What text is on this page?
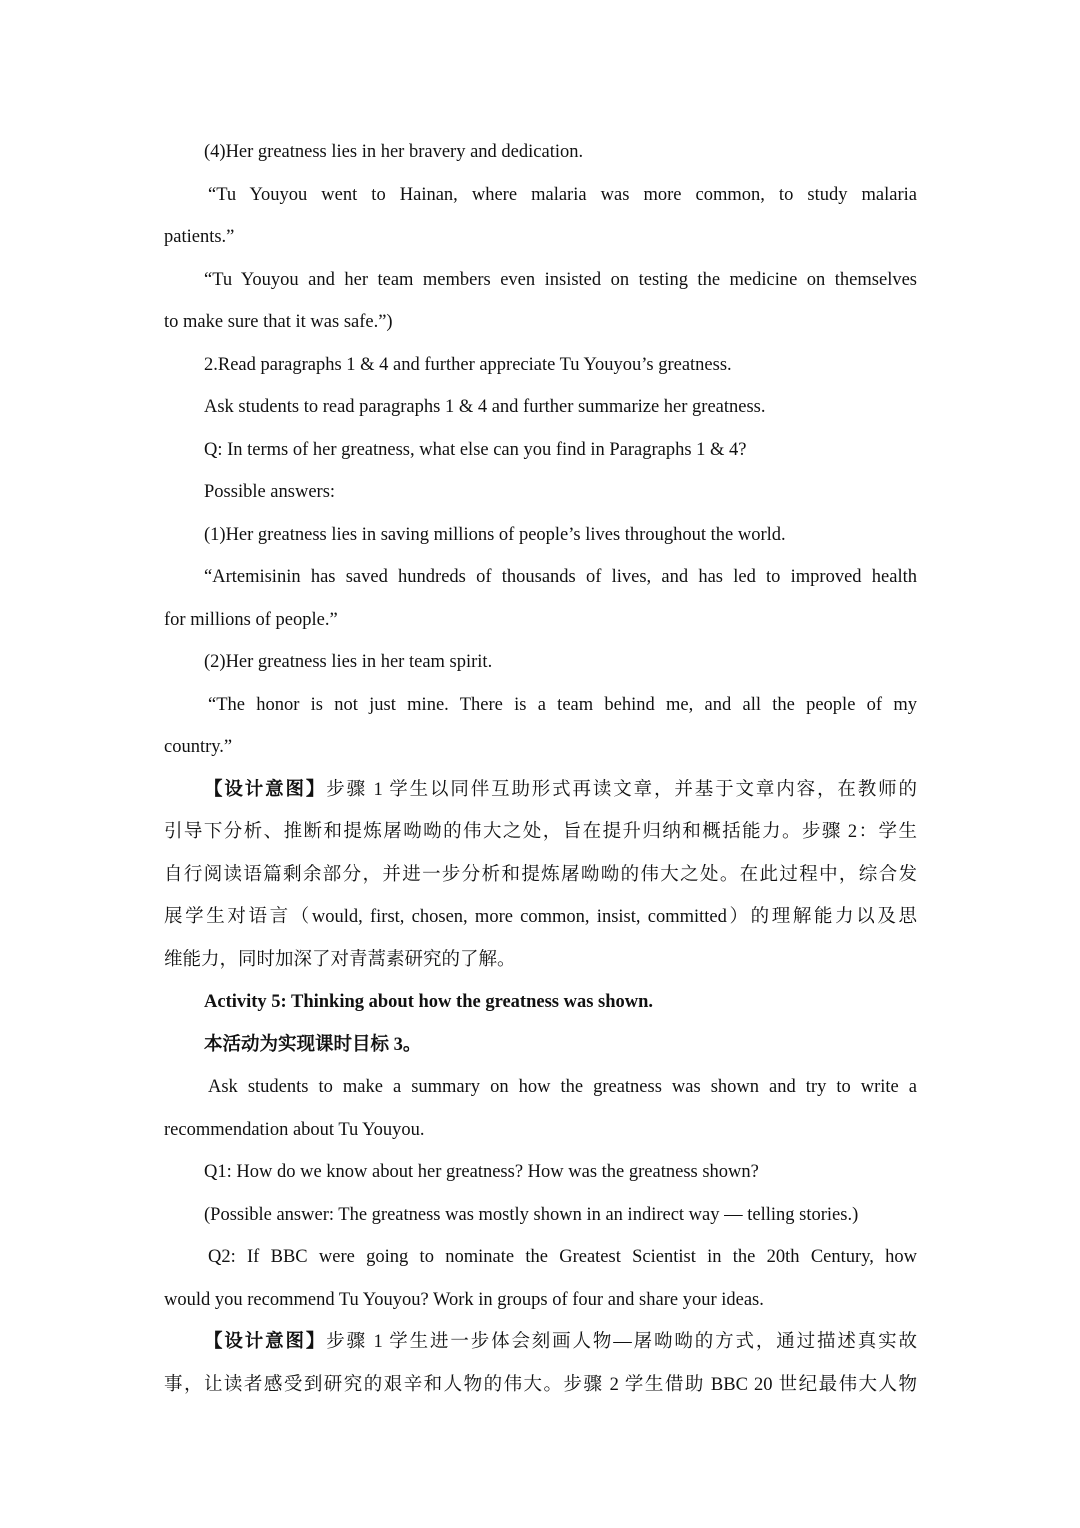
(4)Her greatness lies in her bravery and dedication.
“Tu Youyou went to Hainan, where malaria was more common, to study malaria
patients.”
“Tu Youyou and her team members even insisted on testing the medicine on themselves
to make sure that it was safe.”)
2.Read paragraphs 1 & 4 and further appreciate Tu Youyou’s greatness.
Ask students to read paragraphs 1 & 4 and further summarize her greatness.
Q: In terms of her greatness, what else can you find in Paragraphs 1 & 4?
Possible answers:
(1)Her greatness lies in saving millions of people’s lives throughout the world.
“Artemisinin has saved hundreds of thousands of lives, and has led to improved health
for millions of people.”
(2)Her greatness lies in her team spirit.
“The honor is not just mine. There is a team behind me, and all the people of my
country.”
【设计意图】步骤 1 学生以同伴互助形式再读文章，并基于文章内容，在教师的
引导下分析、推断和提炼屠呦呦的伟大之处，旨在提升归纳和概括能力。步骤 2：学生
自行阅读语篇剩余部分，并进一步分析和提炼屠呦呦的伟大之处。在此过程中，综合发
展学生对语言（would, first, chosen, more common, insist, committed）的理解能力以及思
维能力，同时加深了对青蒿素研究的了解。
Activity 5: Thinking about how the greatness was shown.
本活动为实现课时目标 3。
Ask students to make a summary on how the greatness was shown and try to write a
recommendation about Tu Youyou.
Q1: How do we know about her greatness? How was the greatness shown?
(Possible answer: The greatness was mostly shown in an indirect way — telling stories.)
Q2: If BBC were going to nominate the Greatest Scientist in the 20th Century, how
would you recommend Tu Youyou? Work in groups of four and share your ideas.
【设计意图】步骤 1 学生进一步体会刻画人物—屠呦呦的方式，通过描述真实故
事，让读者感受到研究的艰辛和人物的伟大。步骤 2 学生借助 BBC 20 世纪最伟大人物
